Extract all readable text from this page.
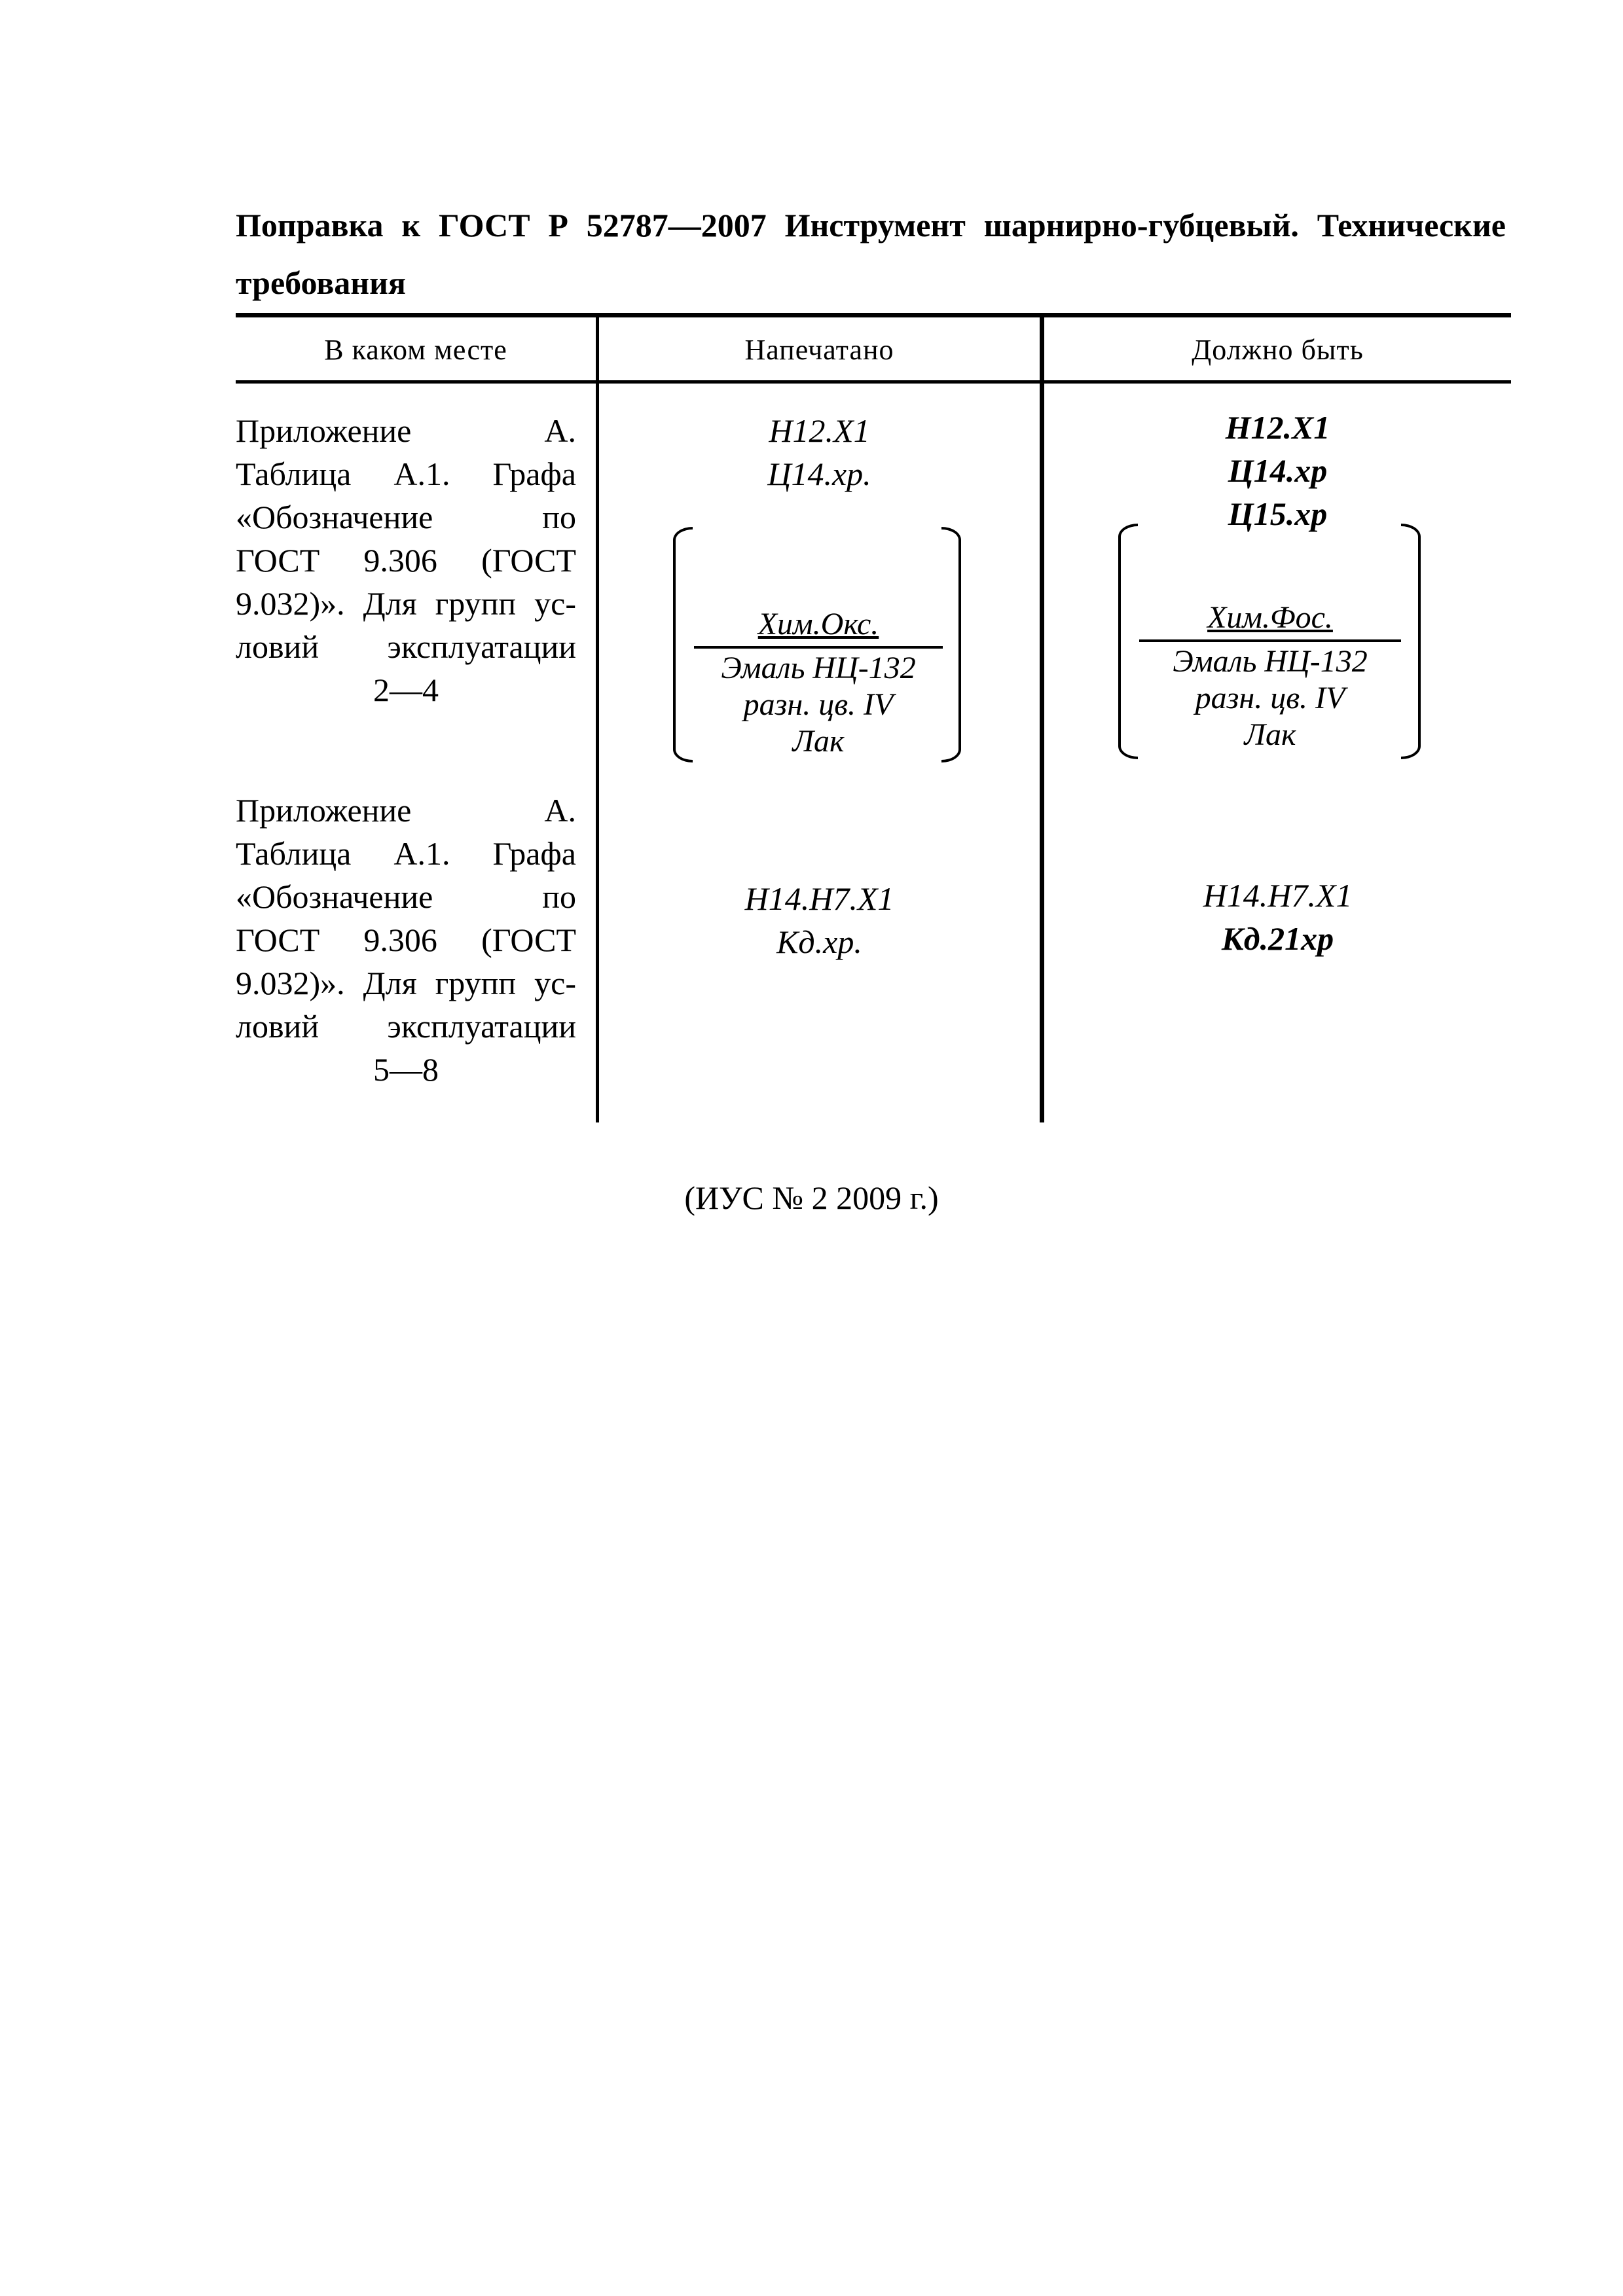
Поправка к ГОСТ Р 52787—2007 Инструмент шарнирно-губцевый. Технические требования
В каком месте	Напечатано	Должно быть
Приложение А.
Таблица А.1. Графа
«Обозначение по
ГОСТ 9.306 (ГОСТ
9.032)». Для групп ус-
ловий эксплуатации
2—4
Н12.Х1
Ц14.хр.
Хим.Окс.
Эмаль НЦ-132
разн. цв. IV
Лак
Н12.Х1
Ц14.хр
Ц15.хр
Хим.Фос.
Эмаль НЦ-132
разн. цв. IV
Лак
Приложение А.
Таблица А.1. Графа
«Обозначение по
ГОСТ 9.306 (ГОСТ
9.032)». Для групп ус-
ловий эксплуатации
5—8
Н14.Н7.Х1
Кд.хр.
Н14.Н7.Х1
Кд.21хр
(ИУС № 2 2009 г.)
